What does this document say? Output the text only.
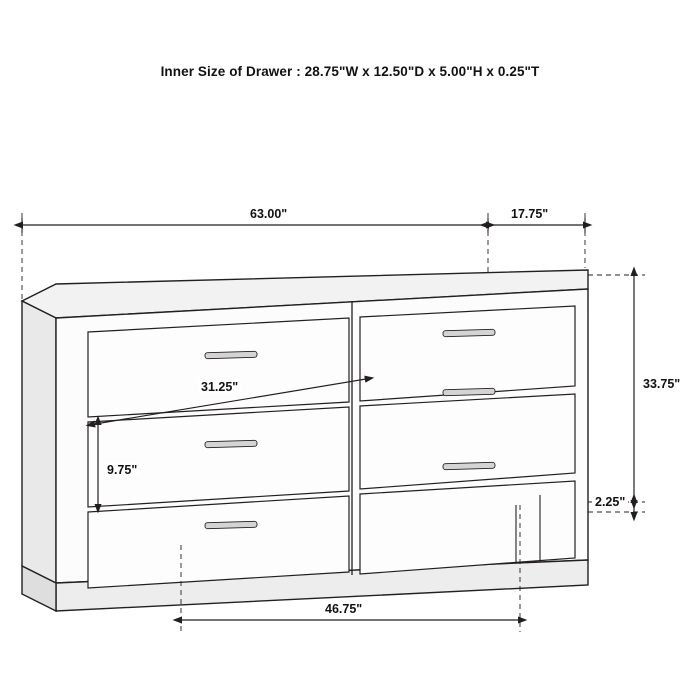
Inner Size of Drawer : 28.75"W x 12.50"D x 5.00"H x 0.25"T
63.00"	17.75"
33.75"
2.25"
31.25"
9.75"
46.75"
